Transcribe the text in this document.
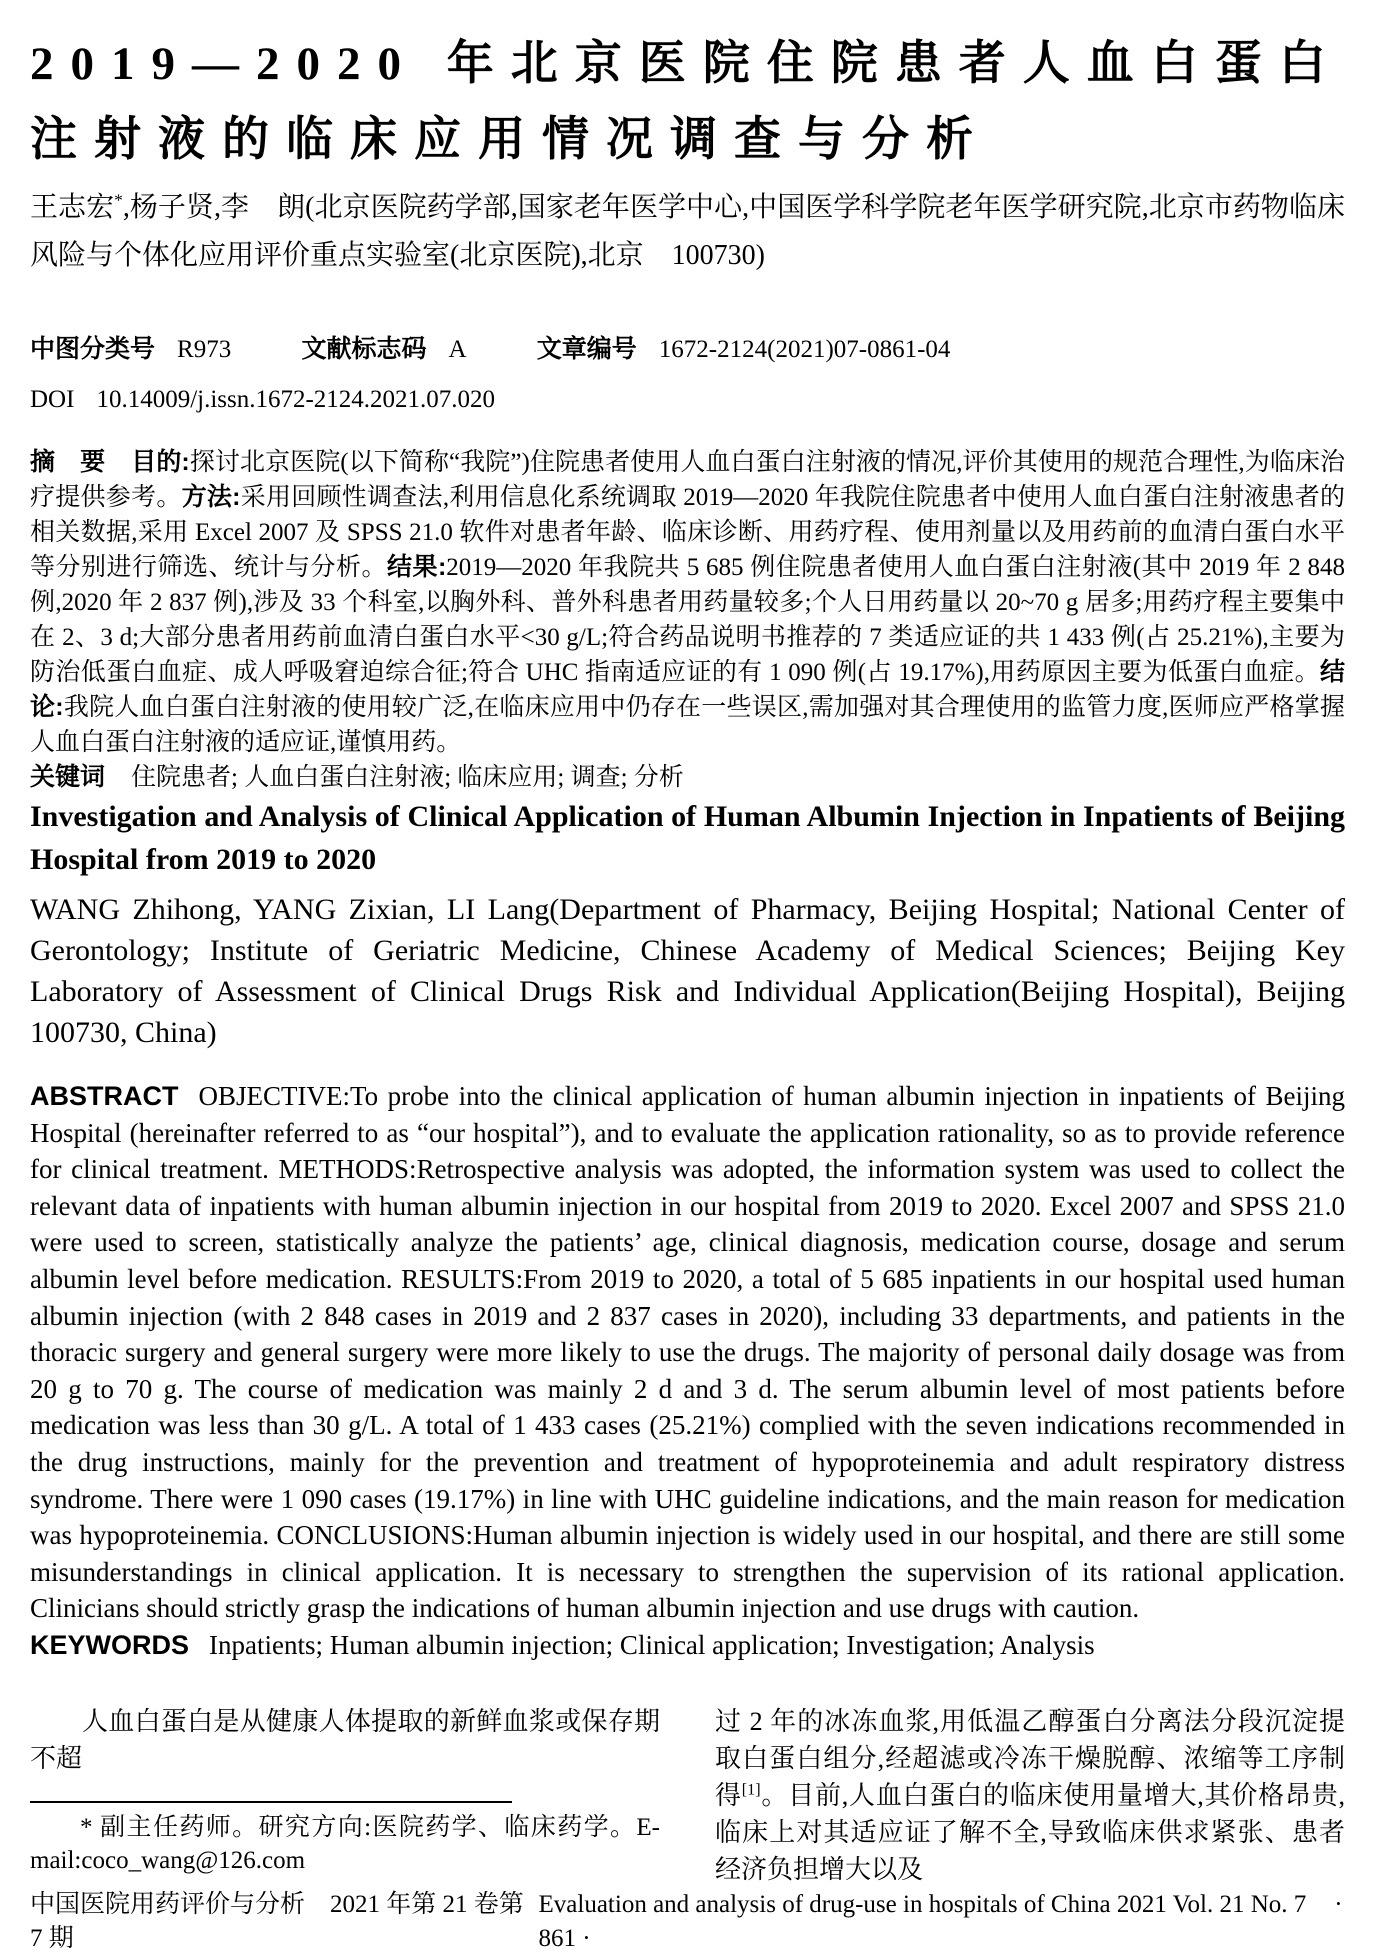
2019—2020 年北京医院住院患者人血白蛋白
注射液的临床应用情况调查与分析
王志宏*,杨子贤,李　朗(北京医院药学部,国家老年医学中心,中国医学科学院老年医学研究院,北京市药物临床风险与个体化应用评价重点实验室(北京医院),北京　100730)
中图分类号 R973	文献标志码 A	文章编号 1672-2124(2021)07-0861-04
DOI 10.14009/j.issn.1672-2124.2021.07.020

摘　要 目的:探讨北京医院(以下简称“我院”)住院患者使用人血白蛋白注射液的情况,评价其使用的规范合理性,为临床治疗提供参考。方法:采用回顾性调查法,利用信息化系统调取 2019—2020 年我院住院患者中使用人血白蛋白注射液患者的相关数据,采用 Excel 2007 及 SPSS 21.0 软件对患者年龄、临床诊断、用药疗程、使用剂量以及用药前的血清白蛋白水平等分别进行筛选、统计与分析。结果:2019—2020 年我院共 5 685 例住院患者使用人血白蛋白注射液(其中 2019 年 2 848 例,2020 年 2 837 例),涉及 33 个科室,以胸外科、普外科患者用药量较多;个人日用药量以 20~70 g 居多;用药疗程主要集中在 2、3 d;大部分患者用药前血清白蛋白水平<30 g/L;符合药品说明书推荐的 7 类适应证的共 1 433 例(占 25.21%),主要为防治低蛋白血症、成人呼吸窘迫综合征;符合 UHC 指南适应证的有 1 090 例(占 19.17%),用药原因主要为低蛋白血症。结论:我院人血白蛋白注射液的使用较广泛,在临床应用中仍存在一些误区,需加强对其合理使用的监管力度,医师应严格掌握人血白蛋白注射液的适应证,谨慎用药。

关键词 住院患者; 人血白蛋白注射液; 临床应用; 调查; 分析

Investigation and Analysis of Clinical Application of Human Albumin Injection in Inpatients of Beijing Hospital from 2019 to 2020

WANG Zhihong, YANG Zixian, LI Lang(Department of Pharmacy, Beijing Hospital; National Center of Gerontology; Institute of Geriatric Medicine, Chinese Academy of Medical Sciences; Beijing Key Laboratory of Assessment of Clinical Drugs Risk and Individual Application(Beijing Hospital), Beijing 100730, China)

ABSTRACT OBJECTIVE:To probe into the clinical application of human albumin injection in inpatients of Beijing Hospital (hereinafter referred to as “our hospital”), and to evaluate the application rationality, so as to provide reference for clinical treatment. METHODS:Retrospective analysis was adopted, the information system was used to collect the relevant data of inpatients with human albumin injection in our hospital from 2019 to 2020. Excel 2007 and SPSS 21.0 were used to screen, statistically analyze the patients’ age, clinical diagnosis, medication course, dosage and serum albumin level before medication. RESULTS:From 2019 to 2020, a total of 5 685 inpatients in our hospital used human albumin injection (with 2 848 cases in 2019 and 2 837 cases in 2020), including 33 departments, and patients in the thoracic surgery and general surgery were more likely to use the drugs. The majority of personal daily dosage was from 20 g to 70 g. The course of medication was mainly 2 d and 3 d. The serum albumin level of most patients before medication was less than 30 g/L. A total of 1 433 cases (25.21%) complied with the seven indications recommended in the drug instructions, mainly for the prevention and treatment of hypoproteinemia and adult respiratory distress syndrome. There were 1 090 cases (19.17%) in line with UHC guideline indications, and the main reason for medication was hypoproteinemia. CONCLUSIONS:Human albumin injection is widely used in our hospital, and there are still some misunderstandings in clinical application. It is necessary to strengthen the supervision of its rational application. Clinicians should strictly grasp the indications of human albumin injection and use drugs with caution.

KEYWORDS Inpatients; Human albumin injection; Clinical application; Investigation; Analysis

人血白蛋白是从健康人体提取的新鲜血浆或保存期不超

* 副主任药师。研究方向:医院药学、临床药学。E-mail:coco_wang@126.com

过 2 年的冰冻血浆,用低温乙醇蛋白分离法分段沉淀提取白蛋白组分,经超滤或冷冻干燥脱醇、浓缩等工序制得[1]。目前,人血白蛋白的临床使用量增大,其价格昂贵,临床上对其适应证了解不全,导致临床供求紧张、患者经济负担增大以及

中国医院用药评价与分析　2021 年第 21 卷第 7 期
Evaluation and analysis of drug-use in hospitals of China 2021 Vol. 21 No. 7 · 861 ·
